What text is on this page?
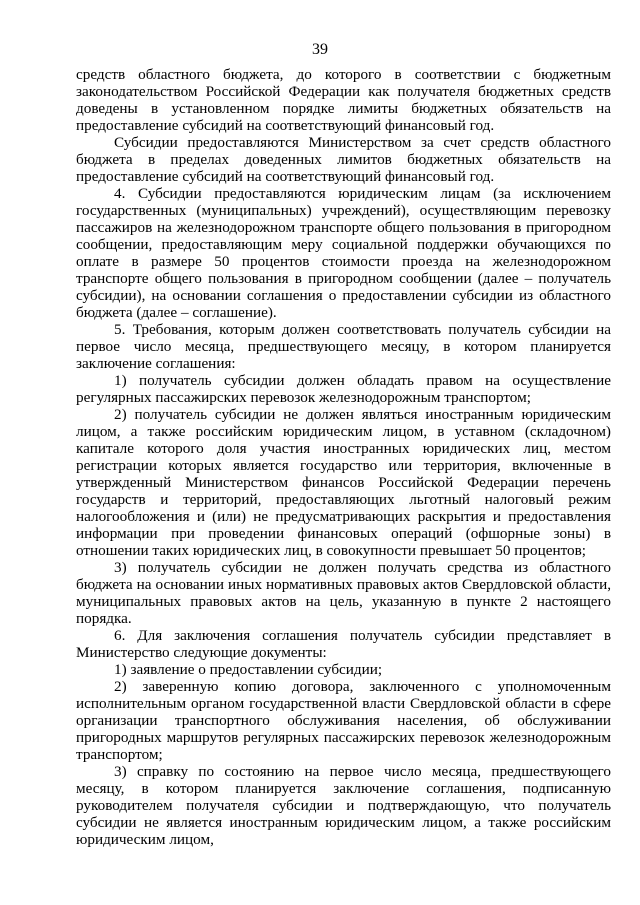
39

средств областного бюджета, до которого в соответствии с бюджетным законодательством Российской Федерации как получателя бюджетных средств доведены в установленном порядке лимиты бюджетных обязательств на предоставление субсидий на соответствующий финансовый год.

Субсидии предоставляются Министерством за счет средств областного бюджета в пределах доведенных лимитов бюджетных обязательств на предоставление субсидий на соответствующий финансовый год.

4. Субсидии предоставляются юридическим лицам (за исключением государственных (муниципальных) учреждений), осуществляющим перевозку пассажиров на железнодорожном транспорте общего пользования в пригородном сообщении, предоставляющим меру социальной поддержки обучающихся по оплате в размере 50 процентов стоимости проезда на железнодорожном транспорте общего пользования в пригородном сообщении (далее – получатель субсидии), на основании соглашения о предоставлении субсидии из областного бюджета (далее – соглашение).

5. Требования, которым должен соответствовать получатель субсидии на первое число месяца, предшествующего месяцу, в котором планируется заключение соглашения:

1) получатель субсидии должен обладать правом на осуществление регулярных пассажирских перевозок железнодорожным транспортом;

2) получатель субсидии не должен являться иностранным юридическим лицом, а также российским юридическим лицом, в уставном (складочном) капитале которого доля участия иностранных юридических лиц, местом регистрации которых является государство или территория, включенные в утвержденный Министерством финансов Российской Федерации перечень государств и территорий, предоставляющих льготный налоговый режим налогообложения и (или) не предусматривающих раскрытия и предоставления информации при проведении финансовых операций (офшорные зоны) в отношении таких юридических лиц, в совокупности превышает 50 процентов;

3) получатель субсидии не должен получать средства из областного бюджета на основании иных нормативных правовых актов Свердловской области, муниципальных правовых актов на цель, указанную в пункте 2 настоящего порядка.

6. Для заключения соглашения получатель субсидии представляет в Министерство следующие документы:

1) заявление о предоставлении субсидии;

2) заверенную копию договора, заключенного с уполномоченным исполнительным органом государственной власти Свердловской области в сфере организации транспортного обслуживания населения, об обслуживании пригородных маршрутов регулярных пассажирских перевозок железнодорожным транспортом;

3) справку по состоянию на первое число месяца, предшествующего месяцу, в котором планируется заключение соглашения, подписанную руководителем получателя субсидии и подтверждающую, что получатель субсидии не является иностранным юридическим лицом, а также российским юридическим лицом,
